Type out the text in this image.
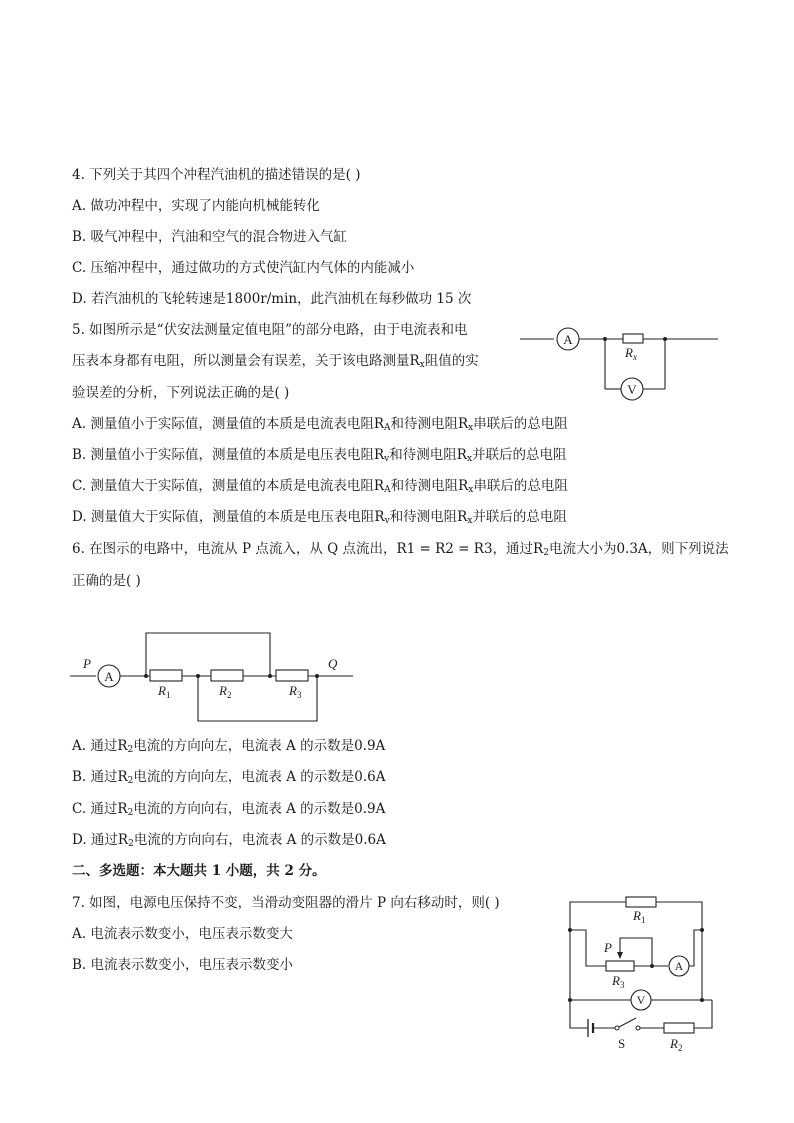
4. 下列关于其四个冲程汽油机的描述错误的是( )
A. 做功冲程中，实现了内能向机械能转化
B. 吸气冲程中，汽油和空气的混合物进入气缸
C. 压缩冲程中，通过做功的方式使汽缸内气体的内能减小
D. 若汽油机的飞轮转速是1800r/min，此汽油机在每秒做功 15 次
5. 如图所示是“伏安法测量定值电阻”的部分电路，由于电流表和电
压表本身都有电阻，所以测量会有误差，关于该电路测量$R_x$阻值的实
验误差的分析，下列说法正确的是( )
A. 测量值小于实际值，测量值的本质是电流表电阻$R_A$和待测电阻$R_x$串联后的总电阻
B. 测量值小于实际值，测量值的本质是电压表电阻$R_v$和待测电阻$R_x$并联后的总电阻
C. 测量值大于实际值，测量值的本质是电流表电阻$R_A$和待测电阻$R_x$串联后的总电阻
D. 测量值大于实际值，测量值的本质是电压表电阻$R_v$和待测电阻$R_x$并联后的总电阻
A
V
$R_x$
6. 在图示的电路中，电流从 P 点流入，从 Q 点流出，R1 = R2 = R3，通过$R_2$电流大小为0.3A，则下列说法
正确的是( )
A
P	Q
$R_1$	$R_2$	$R_3$
A. 通过$R_2$电流的方向向左，电流表 A 的示数是0.9A
B. 通过$R_2$电流的方向向左，电流表 A 的示数是0.6A
C. 通过$R_2$电流的方向向右，电流表 A 的示数是0.9A
D. 通过$R_2$电流的方向向右，电流表 A 的示数是0.6A
二、多选题：本大题共 1 小题，共 2 分。
7. 如图，电源电压保持不变，当滑动变阻器的滑片 P 向右移动时，则( )
A. 电流表示数变小，电压表示数变大
B. 电流表示数变小，电压表示数变小	A
V
$R_1$
P
$R_3$
S	$R_2$
